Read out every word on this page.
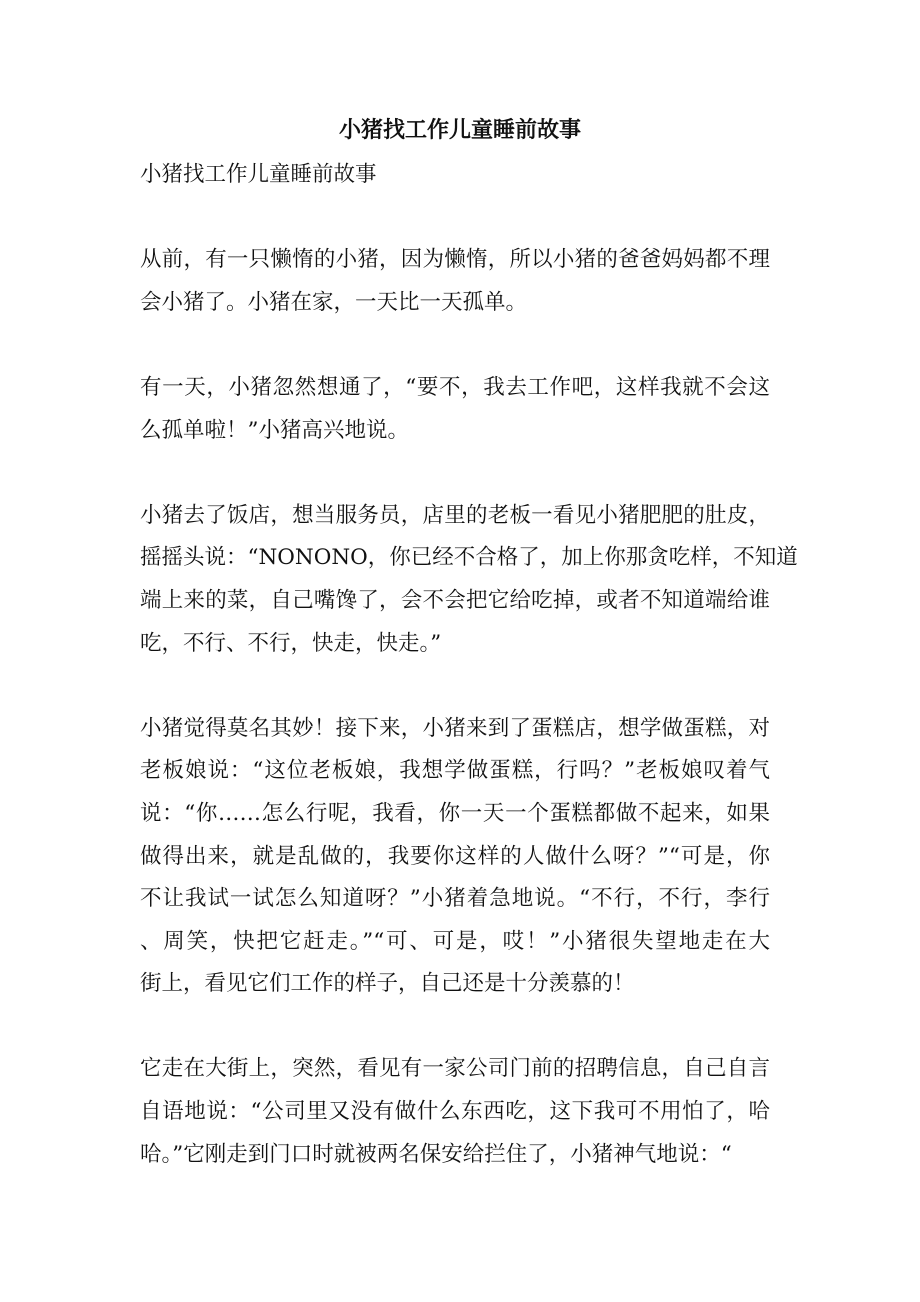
小猪找工作儿童睡前故事
小猪找工作儿童睡前故事
从前，有一只懒惰的小猪，因为懒惰，所以小猪的爸爸妈妈都不理
会小猪了。小猪在家，一天比一天孤单。
有一天，小猪忽然想通了，“要不，我去工作吧，这样我就不会这
么孤单啦！”小猪高兴地说。
小猪去了饭店，想当服务员，店里的老板一看见小猪肥肥的肚皮，
摇摇头说：“NONONO，你已经不合格了，加上你那贪吃样，不知道
端上来的菜，自己嘴馋了，会不会把它给吃掉，或者不知道端给谁
吃，不行、不行，快走，快走。”
小猪觉得莫名其妙！接下来，小猪来到了蛋糕店，想学做蛋糕，对
老板娘说：“这位老板娘，我想学做蛋糕，行吗？”老板娘叹着气
说：“你……怎么行呢，我看，你一天一个蛋糕都做不起来，如果
做得出来，就是乱做的，我要你这样的人做什么呀？”“可是，你
不让我试一试怎么知道呀？”小猪着急地说。“不行，不行，李行
、周笑，快把它赶走。”“可、可是，哎！”小猪很失望地走在大
街上，看见它们工作的样子，自己还是十分羡慕的！
它走在大街上，突然，看见有一家公司门前的招聘信息，自己自言
自语地说：“公司里又没有做什么东西吃，这下我可不用怕了，哈
哈。”它刚走到门口时就被两名保安给拦住了，小猪神气地说：“
